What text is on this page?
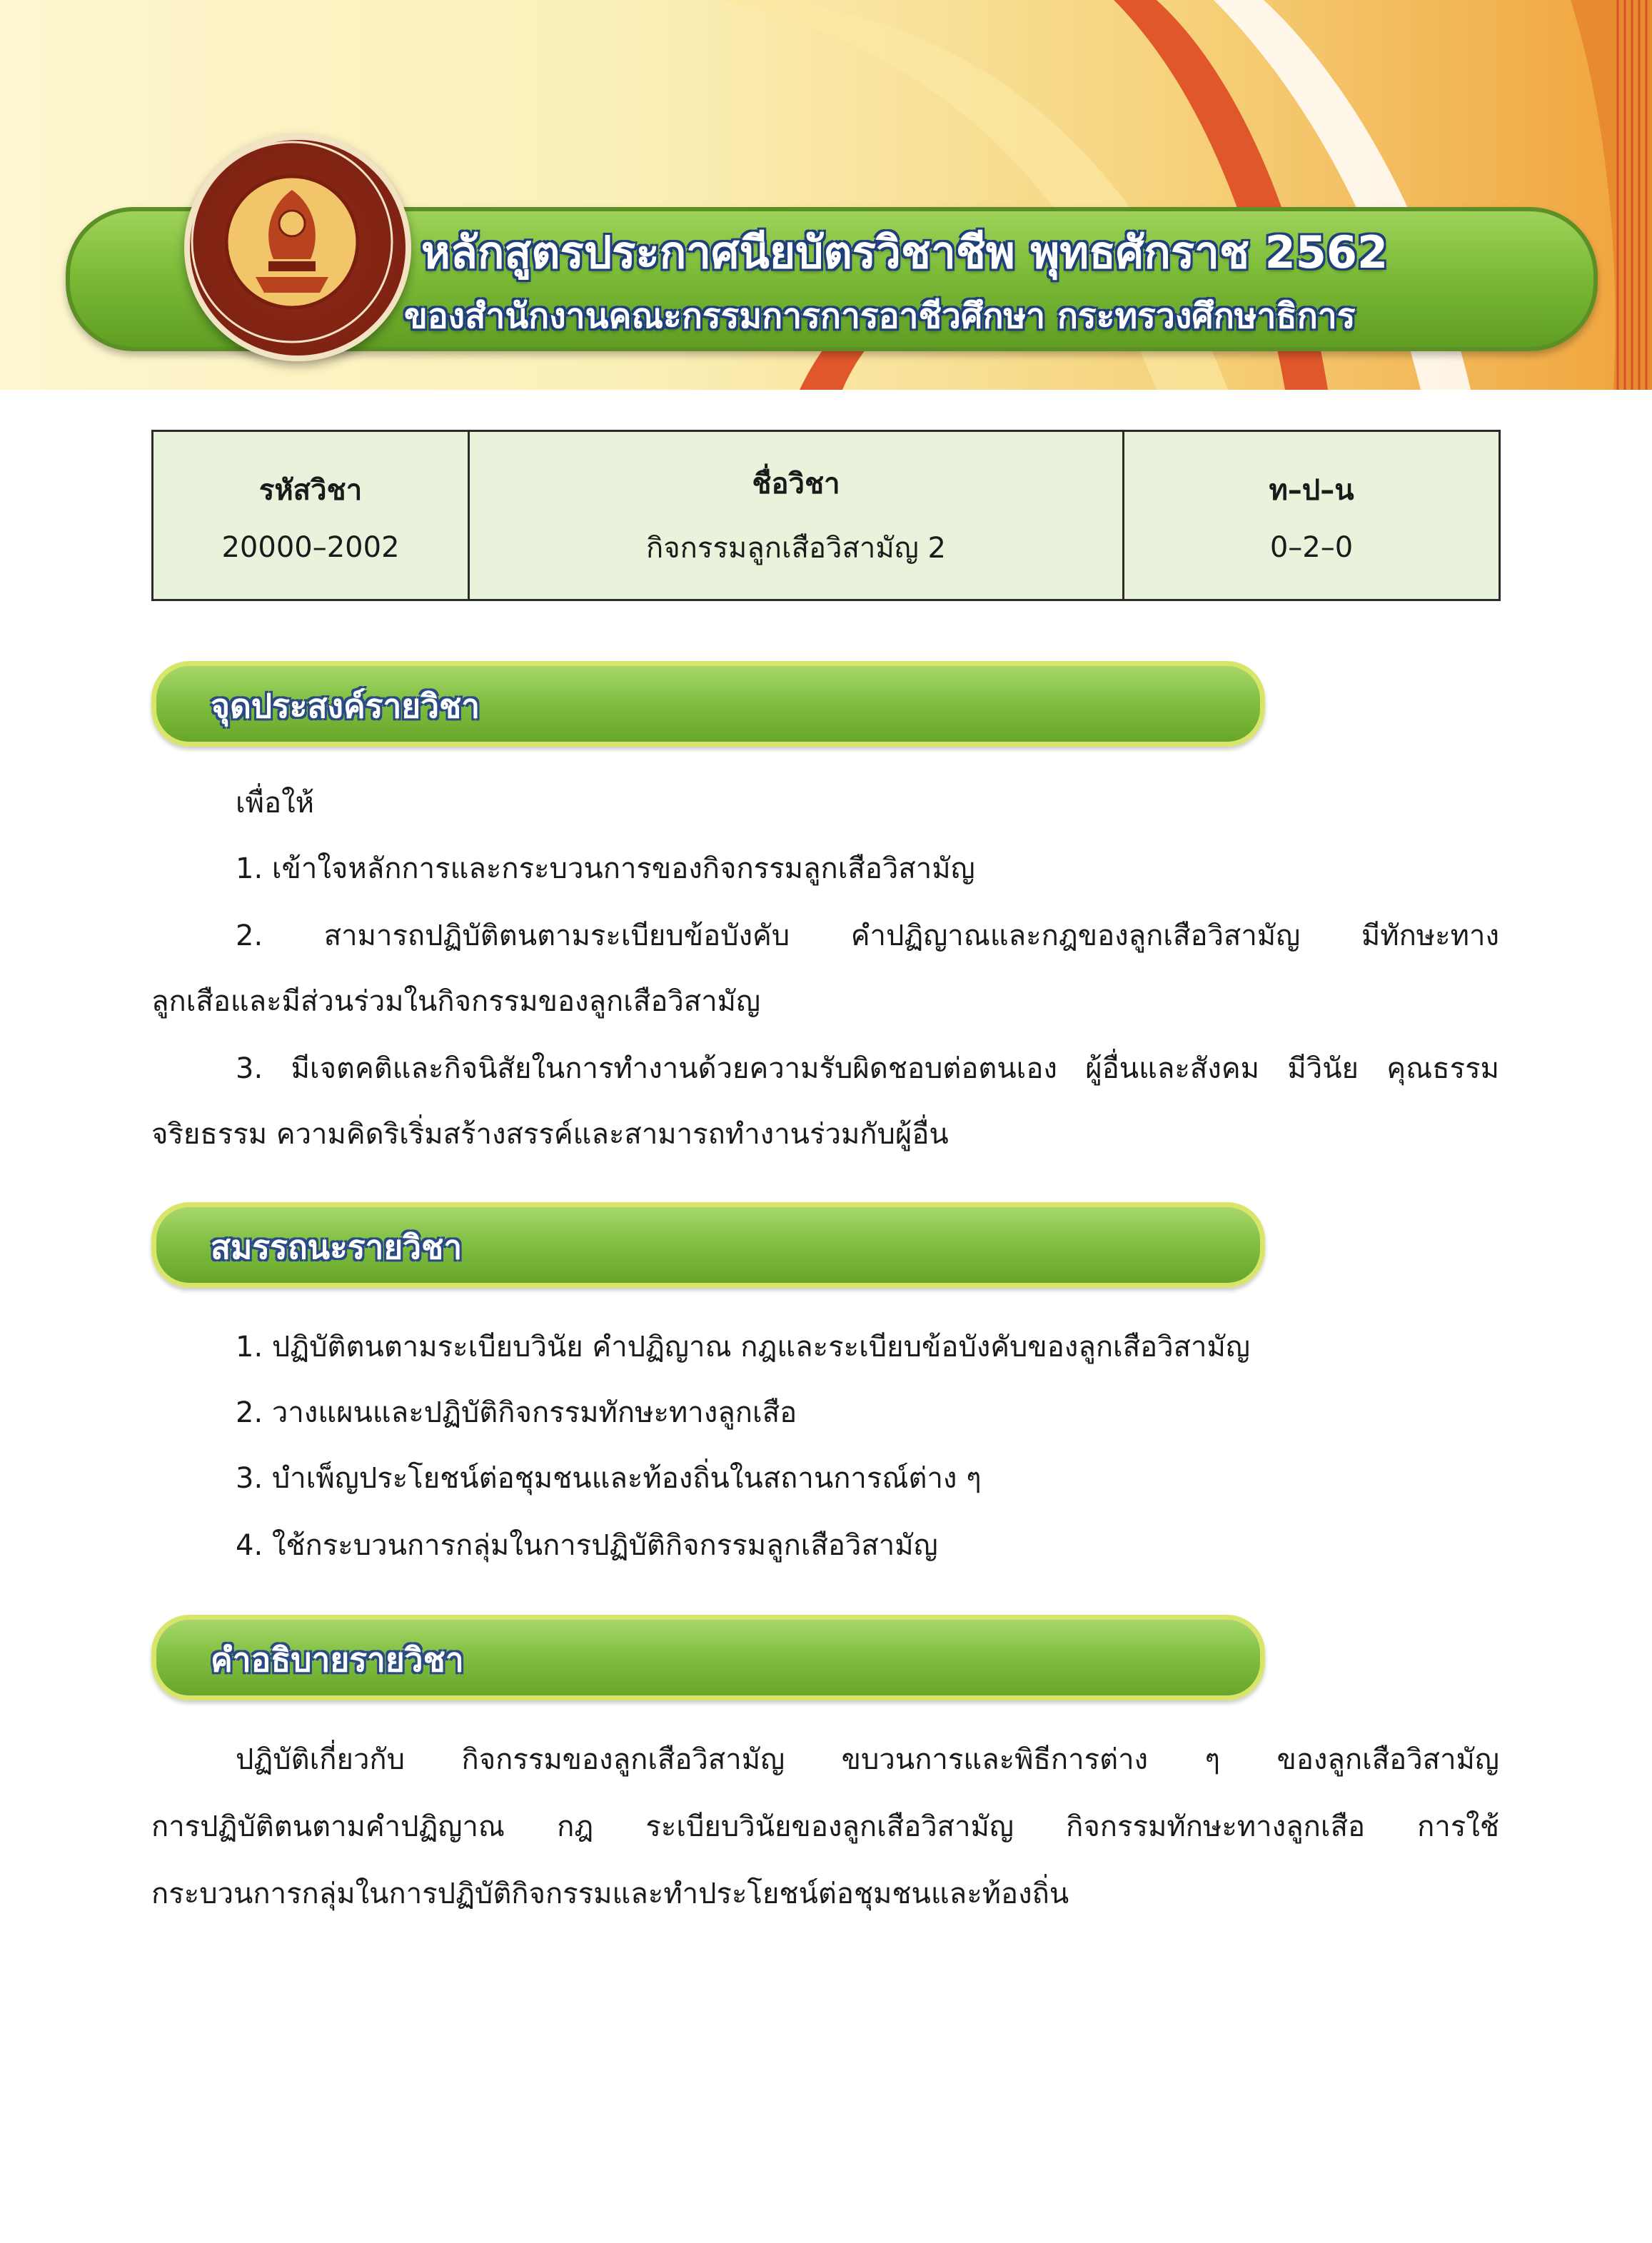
หลักสูตรประกาศนียบัตรวิชาชีพ พุทธศักราช 2562
ของสำนักงานคณะกรรมการการอาชีวศึกษา กระทรวงศึกษาธิการ
รหัสวิชา
20000–2002

ชื่อวิชา
กิจกรรมลูกเสือวิสามัญ 2

ท–ป–น
0–2–0
จุดประสงค์รายวิชา
เพื่อให้
1. เข้าใจหลักการและกระบวนการของกิจกรรมลูกเสือวิสามัญ
2. สามารถปฏิบัติตนตามระเบียบข้อบังคับ คำปฏิญาณและกฎของลูกเสือวิสามัญ มีทักษะทาง
ลูกเสือและมีส่วนร่วมในกิจกรรมของลูกเสือวิสามัญ
3. มีเจตคติและกิจนิสัยในการทำงานด้วยความรับผิดชอบต่อตนเอง ผู้อื่นและสังคม มีวินัย คุณธรรม
จริยธรรม ความคิดริเริ่มสร้างสรรค์และสามารถทำงานร่วมกับผู้อื่น
สมรรถนะรายวิชา
1. ปฏิบัติตนตามระเบียบวินัย คำปฏิญาณ กฎและระเบียบข้อบังคับของลูกเสือวิสามัญ
2. วางแผนและปฏิบัติกิจกรรมทักษะทางลูกเสือ
3. บำเพ็ญประโยชน์ต่อชุมชนและท้องถิ่นในสถานการณ์ต่าง ๆ
4. ใช้กระบวนการกลุ่มในการปฏิบัติกิจกรรมลูกเสือวิสามัญ
คำอธิบายรายวิชา
ปฏิบัติเกี่ยวกับ กิจกรรมของลูกเสือวิสามัญ ขบวนการและพิธีการต่าง ๆ ของลูกเสือวิสามัญ
การปฏิบัติตนตามคำปฏิญาณ กฎ ระเบียบวินัยของลูกเสือวิสามัญ กิจกรรมทักษะทางลูกเสือ การใช้
กระบวนการกลุ่มในการปฏิบัติกิจกรรมและทำประโยชน์ต่อชุมชนและท้องถิ่น
